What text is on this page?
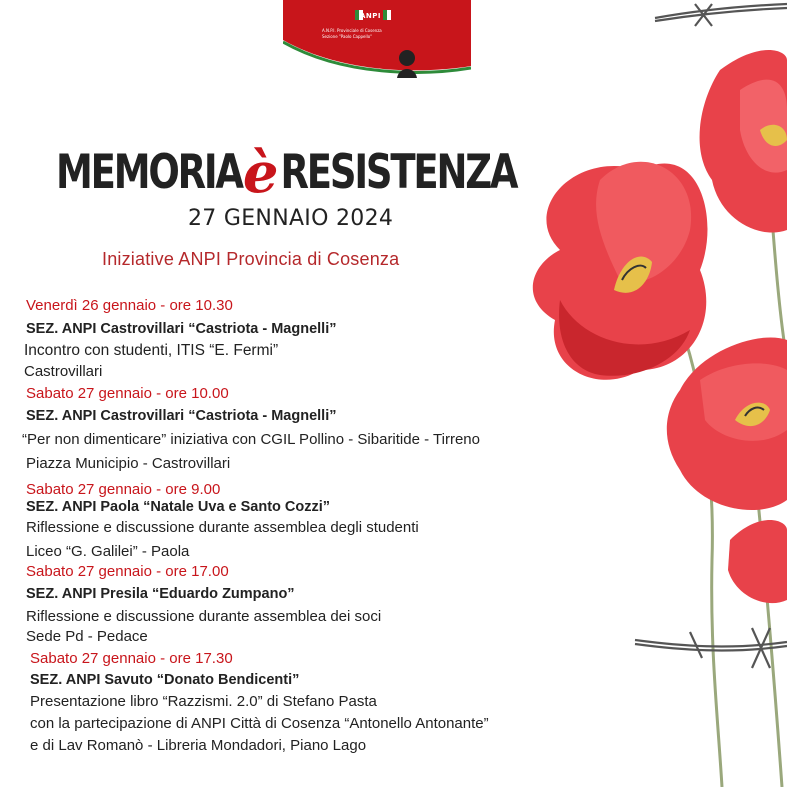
ANPI
A.N.P.I. Provinciale di Cosenza
Sezione "Paolo Cappello"
MEMORIA è RESISTENZA
27 GENNAIO 2024
Iniziative ANPI Provincia di Cosenza
Venerdì 26 gennaio - ore 10.30
SEZ. ANPI Castrovillari “Castriota - Magnelli”
Incontro con studenti, ITIS “E. Fermi”
Castrovillari
Sabato 27 gennaio - ore 10.00
SEZ. ANPI Castrovillari “Castriota - Magnelli”
“Per non dimenticare” iniziativa con CGIL Pollino - Sibaritide - Tirreno
Piazza Municipio - Castrovillari
Sabato 27 gennaio - ore 9.00
SEZ. ANPI Paola “Natale Uva e Santo Cozzi”
Riflessione e discussione durante assemblea degli studenti
Liceo “G. Galilei” - Paola
Sabato 27 gennaio - ore 17.00
SEZ. ANPI Presila “Eduardo Zumpano”
Riflessione e discussione durante assemblea dei soci
Sede Pd - Pedace
Sabato 27 gennaio - ore 17.30
SEZ. ANPI Savuto “Donato Bendicenti”
Presentazione libro “Razzismi. 2.0” di Stefano Pasta
con la partecipazione di ANPI Città di Cosenza “Antonello Antonante”
e di Lav Romanò - Libreria Mondadori, Piano Lago
